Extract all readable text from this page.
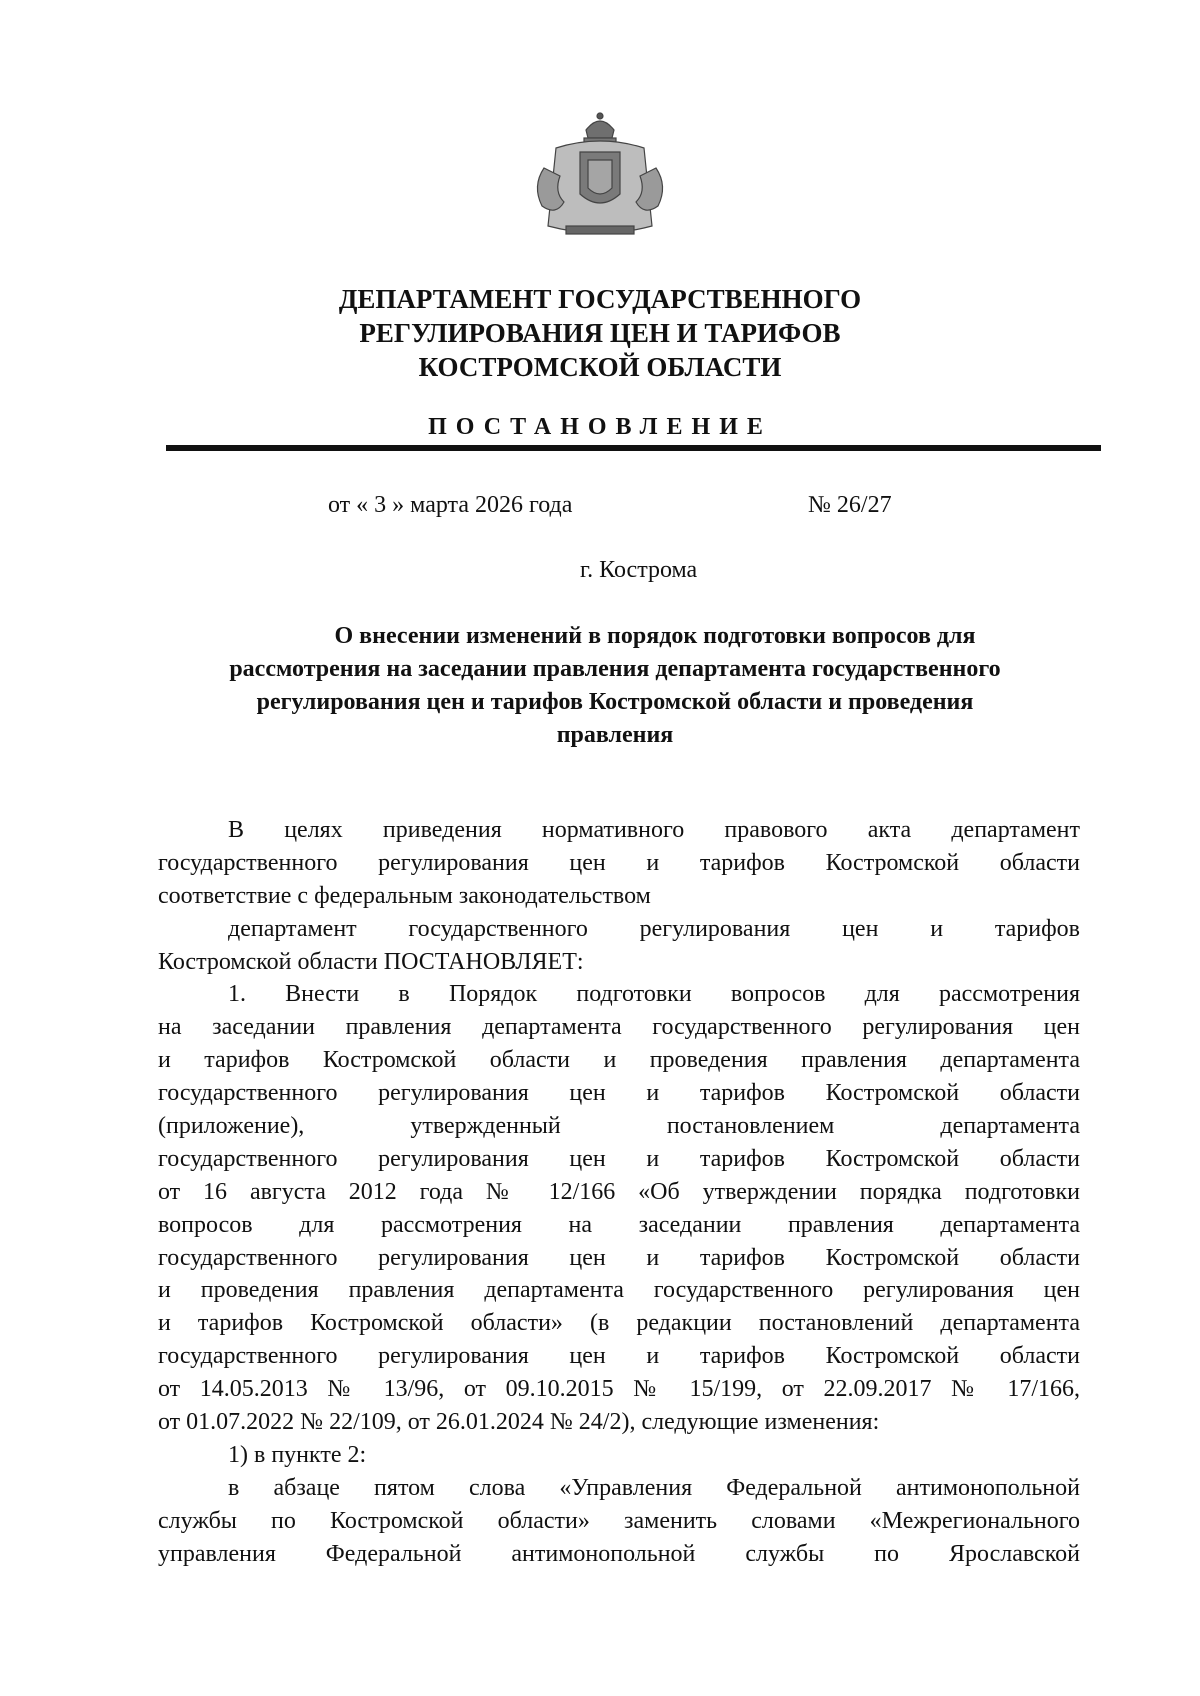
ДЕПАРТАМЕНТ ГОСУДАРСТВЕННОГО
РЕГУЛИРОВАНИЯ ЦЕН И ТАРИФОВ
КОСТРОМСКОЙ ОБЛАСТИ
ПОСТАНОВЛЕНИЕ
от « 3 » марта 2026 года	№ 26/27
г. Кострома
О внесении изменений в порядок подготовки вопросов для
рассмотрения на заседании правления департамента государственного
регулирования цен и тарифов Костромской области и проведения
правления
В целях приведения нормативного правового акта департамент
государственного регулирования цен и тарифов Костромской области
соответствие с федеральным законодательством
департамент государственного регулирования цен и тарифов
Костромской области ПОСТАНОВЛЯЕТ:
1. Внести в Порядок подготовки вопросов для рассмотрения
на заседании правления департамента государственного регулирования цен
и тарифов Костромской области и проведения правления департамента
государственного регулирования цен и тарифов Костромской области
(приложение), утвержденный постановлением департамента
государственного регулирования цен и тарифов Костромской области
от 16 августа 2012 года № 12/166 «Об утверждении порядка подготовки
вопросов для рассмотрения на заседании правления департамента
государственного регулирования цен и тарифов Костромской области
и проведения правления департамента государственного регулирования цен
и тарифов Костромской области» (в редакции постановлений департамента
государственного регулирования цен и тарифов Костромской области
от 14.05.2013 № 13/96, от 09.10.2015 № 15/199, от 22.09.2017 № 17/166,
от 01.07.2022 № 22/109, от 26.01.2024 № 24/2), следующие изменения:
1) в пункте 2:
в абзаце пятом слова «Управления Федеральной антимонопольной
службы по Костромской области» заменить словами «Межрегионального
управления Федеральной антимонопольной службы по Ярославской
